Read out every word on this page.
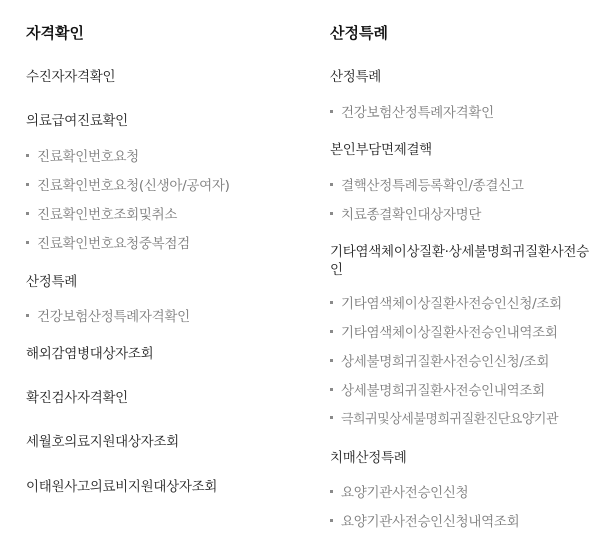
자격확인
수진자자격확인
의료급여진료확인
진료확인번호요청
진료확인번호요청(신생아/공여자)
진료확인번호조회및취소
진료확인번호요청중복점검
산정특례
건강보험산정특례자격확인
해외감염병대상자조회
확진검사자격확인
세월호의료지원대상자조회
이태원사고의료비지원대상자조회
산정특례
산정특례
건강보험산정특례자격확인
본인부담면제결핵
결핵산정특례등록확인/종결신고
치료종결확인대상자명단
기타염색체이상질환·상세불명희귀질환사전승인
기타염색체이상질환사전승인신청/조회
기타염색체이상질환사전승인내역조회
상세불명희귀질환사전승인신청/조회
상세불명희귀질환사전승인내역조회
극희귀및상세불명희귀질환진단요양기관
치매산정특례
요양기관사전승인신청
요양기관사전승인신청내역조회
